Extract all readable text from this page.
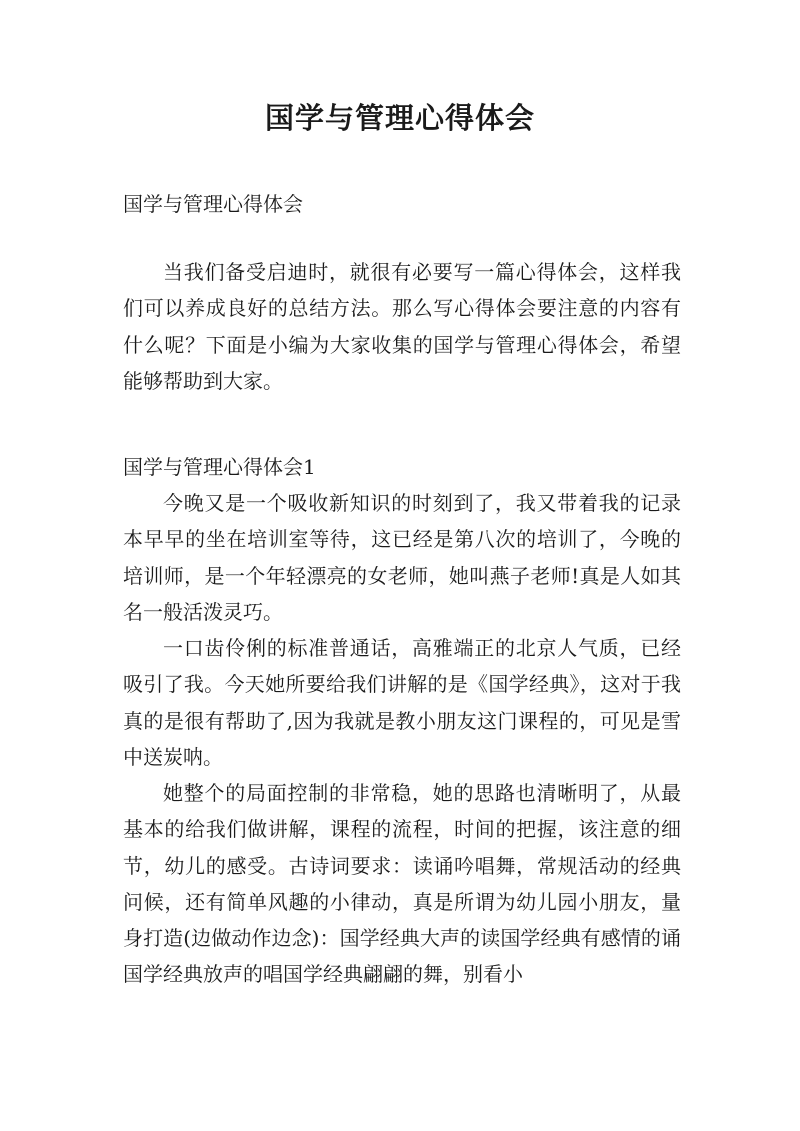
国学与管理心得体会

国学与管理心得体会

当我们备受启迪时，就很有必要写一篇心得体会，这样我们可以养成良好的总结方法。那么写心得体会要注意的内容有什么呢？下面是小编为大家收集的国学与管理心得体会，希望能够帮助到大家。

国学与管理心得体会1

今晚又是一个吸收新知识的时刻到了，我又带着我的记录本早早的坐在培训室等待，这已经是第八次的培训了，今晚的培训师，是一个年轻漂亮的女老师，她叫燕子老师!真是人如其名一般活泼灵巧。

一口齿伶俐的标准普通话，高雅端正的北京人气质，已经吸引了我。今天她所要给我们讲解的是《国学经典》，这对于我真的是很有帮助了,因为我就是教小朋友这门课程的，可见是雪中送炭呐。

她整个的局面控制的非常稳，她的思路也清晰明了，从最基本的给我们做讲解，课程的流程，时间的把握，该注意的细节，幼儿的感受。古诗词要求：读诵吟唱舞，常规活动的经典问候，还有简单风趣的小律动，真是所谓为幼儿园小朋友，量身打造(边做动作边念)：国学经典大声的读国学经典有感情的诵国学经典放声的唱国学经典翩翩的舞，别看小
